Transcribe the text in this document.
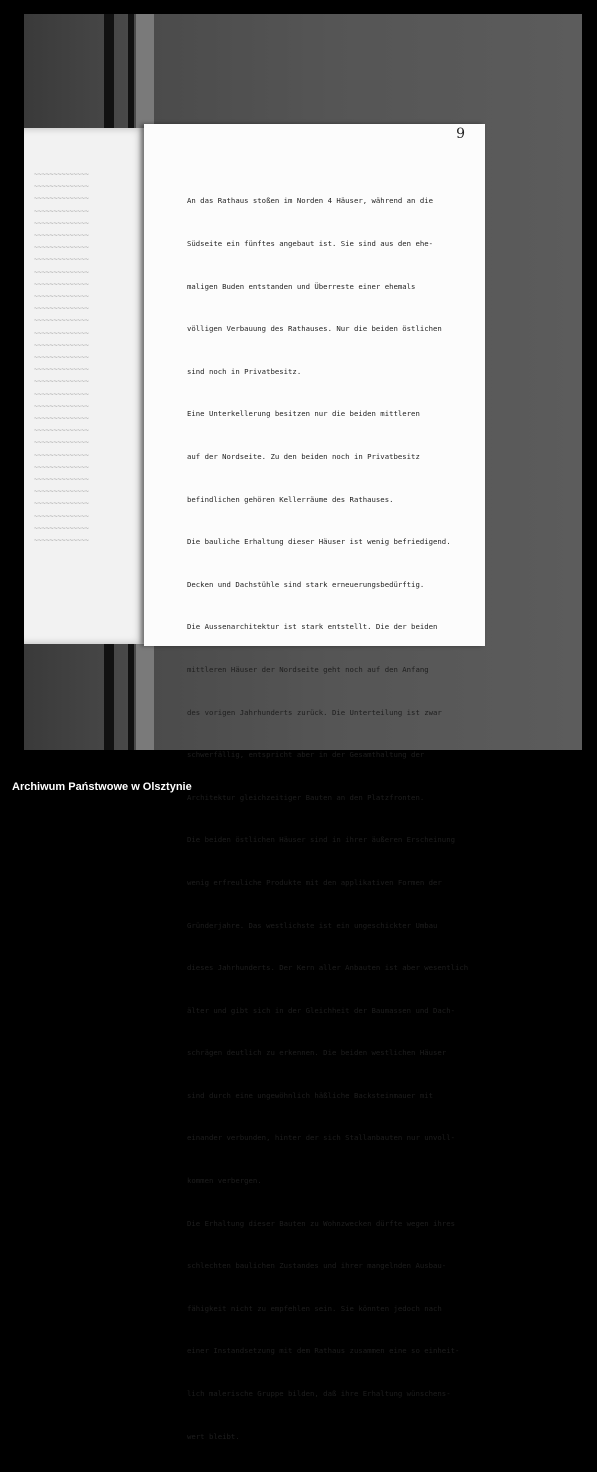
~~~~~~~~~~~~~~
~~~~~~~~~~~~~~
~~~~~~~~~~~~~~
~~~~~~~~~~~~~~
~~~~~~~~~~~~~~
~~~~~~~~~~~~~~
~~~~~~~~~~~~~~
~~~~~~~~~~~~~~
~~~~~~~~~~~~~~
~~~~~~~~~~~~~~
~~~~~~~~~~~~~~
~~~~~~~~~~~~~~
~~~~~~~~~~~~~~
~~~~~~~~~~~~~~
~~~~~~~~~~~~~~
~~~~~~~~~~~~~~
~~~~~~~~~~~~~~
~~~~~~~~~~~~~~
~~~~~~~~~~~~~~
~~~~~~~~~~~~~~
~~~~~~~~~~~~~~
~~~~~~~~~~~~~~
~~~~~~~~~~~~~~
~~~~~~~~~~~~~~
~~~~~~~~~~~~~~
~~~~~~~~~~~~~~
~~~~~~~~~~~~~~
~~~~~~~~~~~~~~
~~~~~~~~~~~~~~
~~~~~~~~~~~~~~
~~~~~~~~~~~~~~
9

An das Rathaus stoßen im Norden 4 Häuser, während an die

Südseite ein fünftes angebaut ist. Sie sind aus den ehe-

maligen Buden entstanden und Überreste einer ehemals

völligen Verbauung des Rathauses. Nur die beiden östlichen

sind noch in Privatbesitz.

Eine Unterkellerung besitzen nur die beiden mittleren

auf der Nordseite. Zu den beiden noch in Privatbesitz

befindlichen gehören Kellerräume des Rathauses.

Die bauliche Erhaltung dieser Häuser ist wenig befriedigend.

Decken und Dachstühle sind stark erneuerungsbedürftig.

Die Aussenarchitektur ist stark entstellt. Die der beiden

mittleren Häuser der Nordseite geht noch auf den Anfang

des vorigen Jahrhunderts zurück. Die Unterteilung ist zwar

schwerfällig, entspricht aber in der Gesamthaltung der

Architektur gleichzeitiger Bauten an den Platzfronten.

Die beiden östlichen Häuser sind in ihrer äußeren Erscheinung

wenig erfreuliche Produkte mit den applikativen Formen der

Gründerjahre. Das westlichste ist ein ungeschickter Umbau

dieses Jahrhunderts. Der Kern aller Anbauten ist aber wesentlich

älter und gibt sich in der Gleichheit der Baumassen und Dach-

schrägen deutlich zu erkennen. Die beiden westlichen Häuser

sind durch eine ungewöhnlich häßliche Backsteinmauer mit

einander verbunden, hinter der sich Stallanbauten nur unvoll-

kommen verbergen.

Die Erhaltung dieser Bauten zu Wohnzwecken dürfte wegen ihres

schlechten baulichen Zustandes und ihrer mangelnden Ausbau-

fähigkeit nicht zu empfehlen sein. Sie könnten jedoch nach

einer Instandsetzung mit dem Rathaus zusammen eine so einheit-

lich malerische Gruppe bilden, daß ihre Erhaltung wünschens-

wert bleibt.

Archiwum Państwowe w Olsztynie
